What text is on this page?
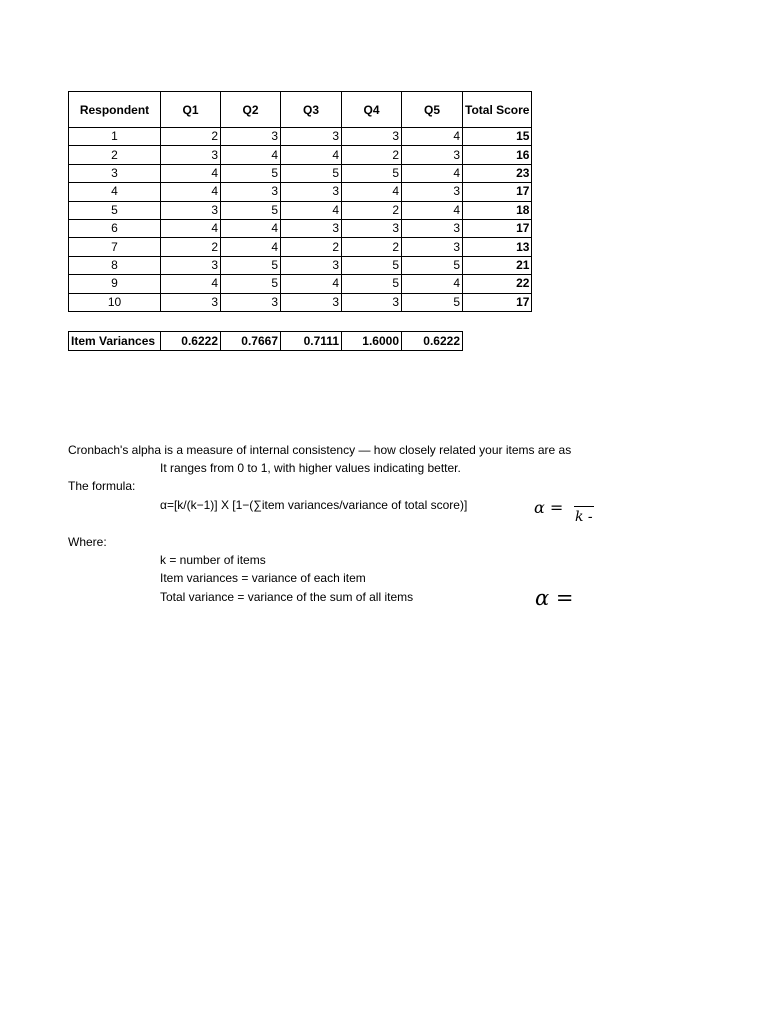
Respondent	Q1	Q2	Q3	Q4	Q5	Total Score
1	2	3	3	3	4	15
2	3	4	4	2	3	16
3	4	5	5	5	4	23
4	4	3	3	4	3	17
5	3	5	4	2	4	18
6	4	4	3	3	3	17
7	2	4	2	2	3	13
8	3	5	3	5	5	21
9	4	5	4	5	4	22
10	3	3	3	3	5	17
Item Variances	0.6222	0.7667	0.7111	1.6000	0.6222
Cronbach's alpha is a measure of internal consistency — how closely related your items are as
It ranges from 0 to 1, with higher values indicating better.
The formula:
α=[k/(k−1)] X [1−(∑item variances/variance of total score)]
Where:
k = number of items
Item variances = variance of each item
Total variance = variance of the sum of all items
α = k -
α =
